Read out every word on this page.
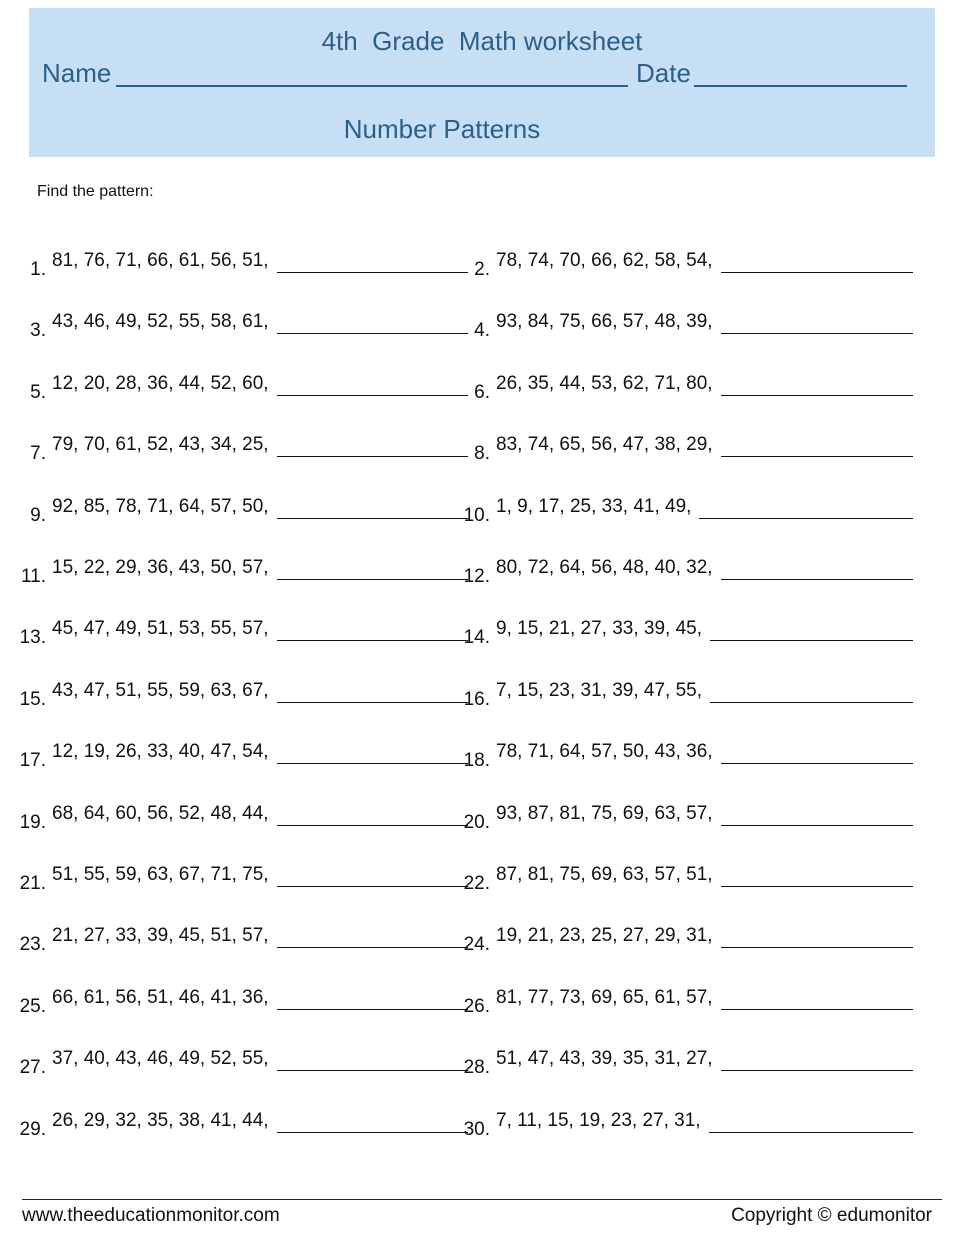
4th  Grade  Math worksheet
Name	Date
Number Patterns
Find the pattern:
1. 81, 76, 71, 66, 61, 56, 51,	2. 78, 74, 70, 66, 62, 58, 54,
3. 43, 46, 49, 52, 55, 58, 61,	4. 93, 84, 75, 66, 57, 48, 39,
5. 12, 20, 28, 36, 44, 52, 60,	6. 26, 35, 44, 53, 62, 71, 80,
7. 79, 70, 61, 52, 43, 34, 25,	8. 83, 74, 65, 56, 47, 38, 29,
9. 92, 85, 78, 71, 64, 57, 50,	10. 1, 9, 17, 25, 33, 41, 49,
11. 15, 22, 29, 36, 43, 50, 57,	12. 80, 72, 64, 56, 48, 40, 32,
13. 45, 47, 49, 51, 53, 55, 57,	14. 9, 15, 21, 27, 33, 39, 45,
15. 43, 47, 51, 55, 59, 63, 67,	16. 7, 15, 23, 31, 39, 47, 55,
17. 12, 19, 26, 33, 40, 47, 54,	18. 78, 71, 64, 57, 50, 43, 36,
19. 68, 64, 60, 56, 52, 48, 44,	20. 93, 87, 81, 75, 69, 63, 57,
21. 51, 55, 59, 63, 67, 71, 75,	22. 87, 81, 75, 69, 63, 57, 51,
23. 21, 27, 33, 39, 45, 51, 57,	24. 19, 21, 23, 25, 27, 29, 31,
25. 66, 61, 56, 51, 46, 41, 36,	26. 81, 77, 73, 69, 65, 61, 57,
27. 37, 40, 43, 46, 49, 52, 55,	28. 51, 47, 43, 39, 35, 31, 27,
29. 26, 29, 32, 35, 38, 41, 44,	30. 7, 11, 15, 19, 23, 27, 31,
www.theeducationmonitor.com	Copyright © edumonitor
